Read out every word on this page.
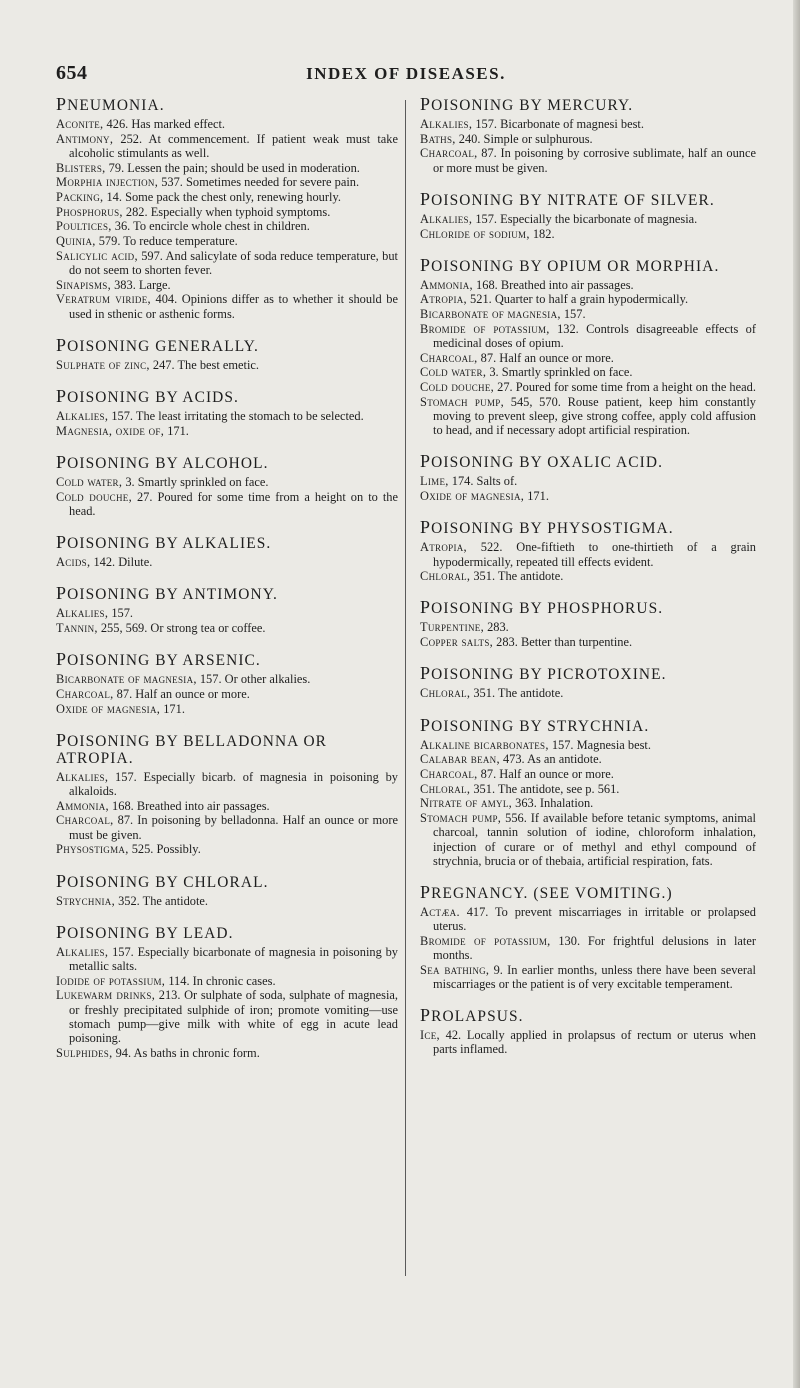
654	INDEX OF DISEASES.
PNEUMONIA.

Aconite, 426. Has marked effect.

Antimony, 252. At commencement. If patient weak must take alcoholic stimulants as well.

Blisters, 79. Lessen the pain; should be used in moderation.

Morphia injection, 537. Sometimes needed for severe pain.

Packing, 14. Some pack the chest only, renewing hourly.

Phosphorus, 282. Especially when typhoid symptoms.

Poultices, 36. To encircle whole chest in children.

Quinia, 579. To reduce temperature.

Salicylic acid, 597. And salicylate of soda reduce temperature, but do not seem to shorten fever.

Sinapisms, 383. Large.

Veratrum viride, 404. Opinions differ as to whether it should be used in sthenic or asthenic forms.

POISONING GENERALLY.

Sulphate of zinc, 247. The best emetic.

POISONING BY ACIDS.

Alkalies, 157. The least irritating the stomach to be selected.

Magnesia, oxide of, 171.

POISONING BY ALCOHOL.

Cold water, 3. Smartly sprinkled on face.

Cold douche, 27. Poured for some time from a height on to the head.

POISONING BY ALKALIES.

Acids, 142. Dilute.

POISONING BY ANTIMONY.

Alkalies, 157.

Tannin, 255, 569. Or strong tea or coffee.

POISONING BY ARSENIC.

Bicarbonate of magnesia, 157. Or other alkalies.

Charcoal, 87. Half an ounce or more.

Oxide of magnesia, 171.

POISONING BY BELLADONNA OR ATROPIA.

Alkalies, 157. Especially bicarb. of magnesia in poisoning by alkaloids.

Ammonia, 168. Breathed into air passages.

Charcoal, 87. In poisoning by belladonna. Half an ounce or more must be given.

Physostigma, 525. Possibly.

POISONING BY CHLORAL.

Strychnia, 352. The antidote.

POISONING BY LEAD.

Alkalies, 157. Especially bicarbonate of magnesia in poisoning by metallic salts.

Iodide of potassium, 114. In chronic cases.

Lukewarm drinks, 213. Or sulphate of soda, sulphate of magnesia, or freshly precipitated sulphide of iron; promote vomiting—use stomach pump—give milk with white of egg in acute lead poisoning.

Sulphides, 94. As baths in chronic form.

POISONING BY MERCURY.

Alkalies, 157. Bicarbonate of magnesi best.

Baths, 240. Simple or sulphurous.

Charcoal, 87. In poisoning by corrosive sublimate, half an ounce or more must be given.

POISONING BY NITRATE OF SILVER.

Alkalies, 157. Especially the bicarbonate of magnesia.

Chloride of sodium, 182.

POISONING BY OPIUM OR MORPHIA.

Ammonia, 168. Breathed into air passages.

Atropia, 521. Quarter to half a grain hypodermically.

Bicarbonate of magnesia, 157.

Bromide of potassium, 132. Controls disagreeable effects of medicinal doses of opium.

Charcoal, 87. Half an ounce or more.

Cold water, 3. Smartly sprinkled on face.

Cold douche, 27. Poured for some time from a height on the head.

Stomach pump, 545, 570. Rouse patient, keep him constantly moving to prevent sleep, give strong coffee, apply cold affusion to head, and if necessary adopt artificial respiration.

POISONING BY OXALIC ACID.

Lime, 174. Salts of.

Oxide of magnesia, 171.

POISONING BY PHYSOSTIGMA.

Atropia, 522. One-fiftieth to one-thirtieth of a grain hypodermically, repeated till effects evident.

Chloral, 351. The antidote.

POISONING BY PHOSPHORUS.

Turpentine, 283.

Copper salts, 283. Better than turpentine.

POISONING BY PICROTOXINE.

Chloral, 351. The antidote.

POISONING BY STRYCHNIA.

Alkaline bicarbonates, 157. Magnesia best.

Calabar bean, 473. As an antidote.

Charcoal, 87. Half an ounce or more.

Chloral, 351. The antidote, see p. 561.

Nitrate of amyl, 363. Inhalation.

Stomach pump, 556. If available before tetanic symptoms, animal charcoal, tannin solution of iodine, chloroform inhalation, injection of curare or of methyl and ethyl compound of strychnia, brucia or of thebaia, artificial respiration, fats.

PREGNANCY. (SEE VOMITING.)

Actæa. 417. To prevent miscarriages in irritable or prolapsed uterus.

Bromide of potassium, 130. For frightful delusions in later months.

Sea bathing, 9. In earlier months, unless there have been several miscarriages or the patient is of very excitable temperament.

PROLAPSUS.

Ice, 42. Locally applied in prolapsus of rectum or uterus when parts inflamed.
